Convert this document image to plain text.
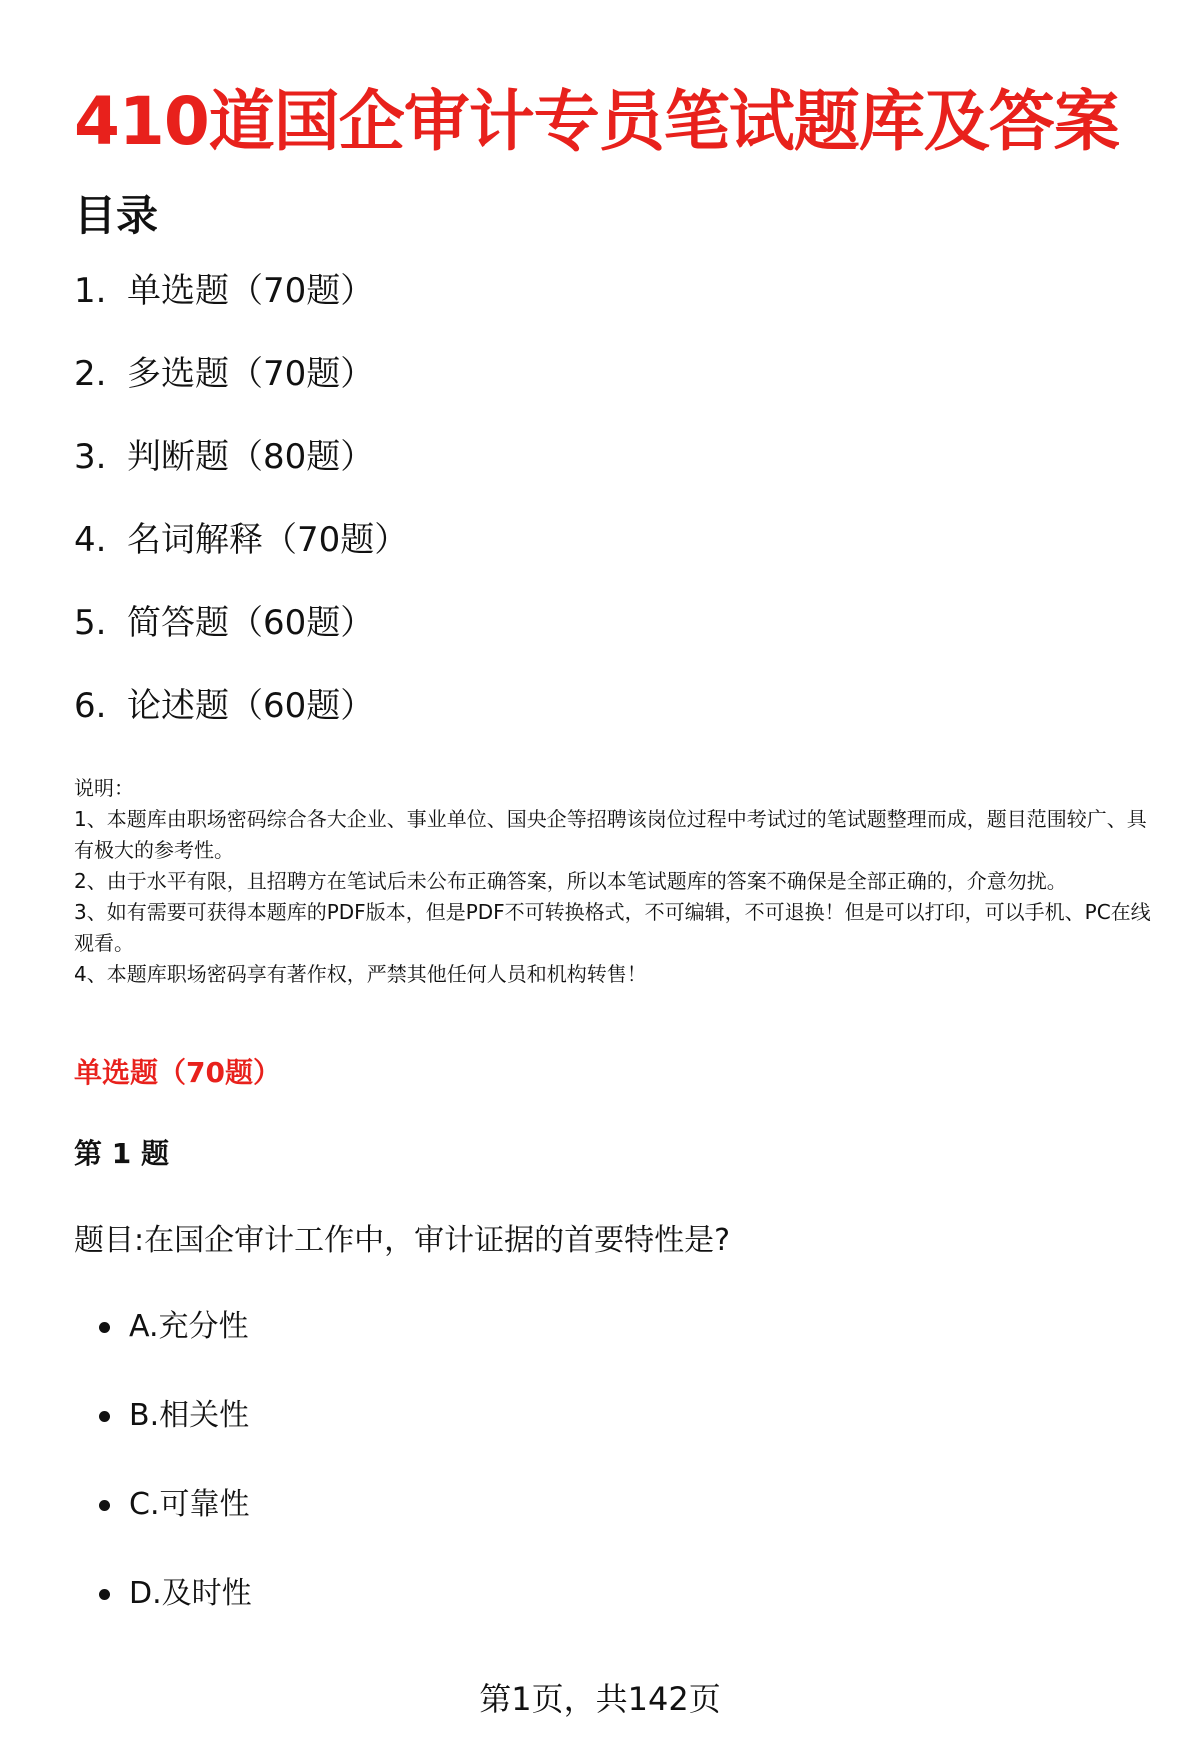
410道国企审计专员笔试题库及答案
目录
1. 单选题（70题）
2. 多选题（70题）
3. 判断题（80题）
4. 名词解释（70题）
5. 简答题（60题）
6. 论述题（60题）

说明：

1、本题库由职场密码综合各大企业、事业单位、国央企等招聘该岗位过程中考试过的笔试题整理而成，题目范围较广、具有极大的参考性。

2、由于水平有限，且招聘方在笔试后未公布正确答案，所以本笔试题库的答案不确保是全部正确的，介意勿扰。

3、如有需要可获得本题库的PDF版本，但是PDF不可转换格式，不可编辑，不可退换！但是可以打印，可以手机、PC在线观看。

4、本题库职场密码享有著作权，严禁其他任何人员和机构转售！

单选题（70题）
第 1 题

题目:在国企审计工作中，审计证据的首要特性是?

A.充分性
B.相关性
C.可靠性
D.及时性
第1页，共142页
